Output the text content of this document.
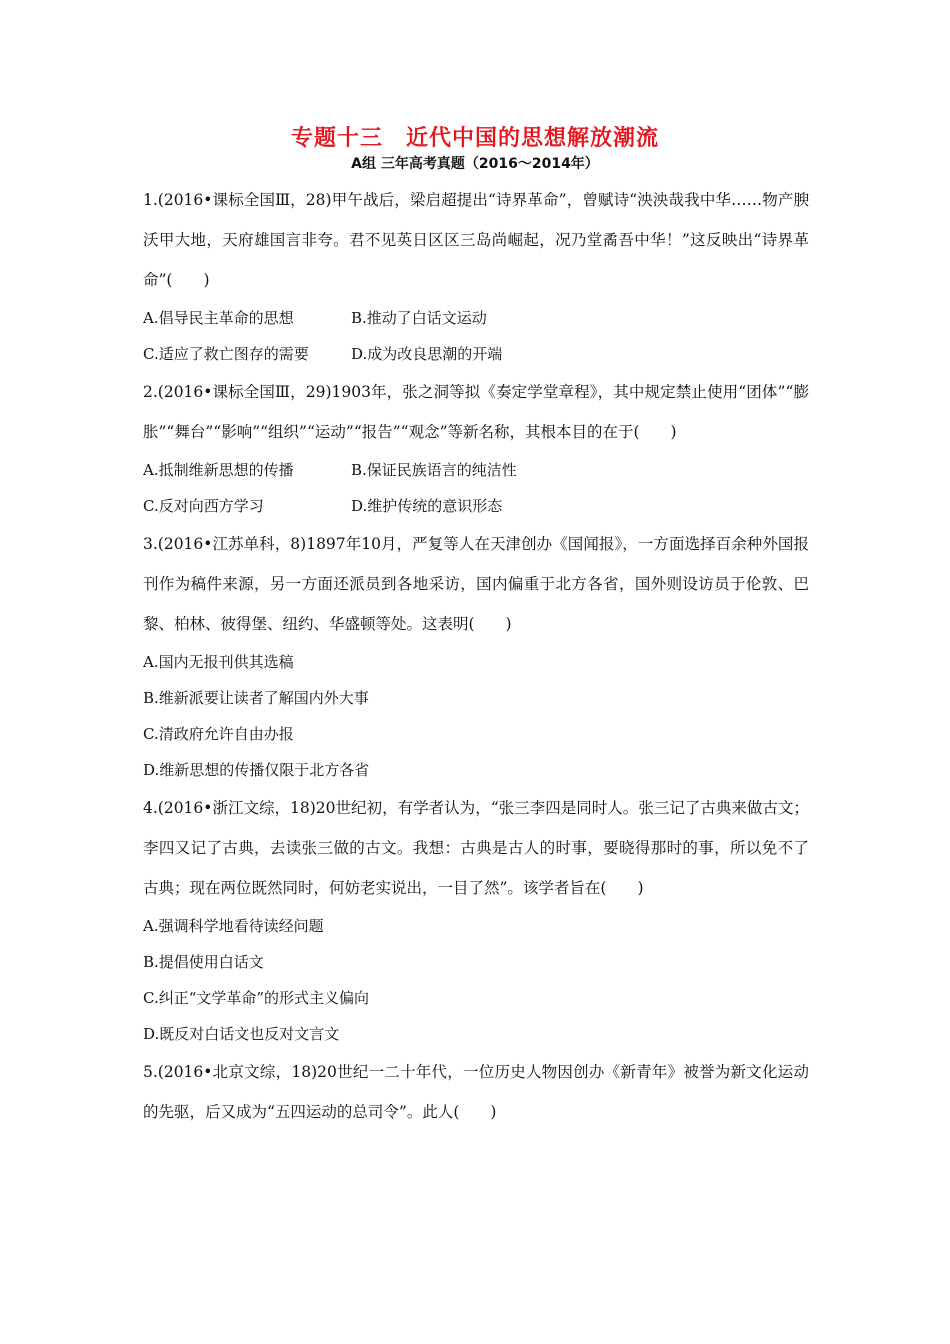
专题十三　近代中国的思想解放潮流
A组 三年高考真题（2016～2014年）

1.(2016•课标全国Ⅲ，28)甲午战后，梁启超提出“诗界革命”，曾赋诗“泱泱哉我中华……物产腴沃甲大地，天府雄国言非夸。君不见英日区区三岛尚崛起，况乃堂矞吾中华！”这反映出“诗界革命”(　　)

A.倡导民主革命的思想	B.推动了白话文运动
C.适应了救亡图存的需要	D.成为改良思潮的开端

2.(2016•课标全国Ⅲ，29)1903年，张之洞等拟《奏定学堂章程》，其中规定禁止使用“团体”“膨胀”“舞台”“影响”“组织”“运动”“报告”“观念”等新名称，其根本目的在于(　　)

A.抵制维新思想的传播	B.保证民族语言的纯洁性
C.反对向西方学习	D.维护传统的意识形态

3.(2016•江苏单科，8)1897年10月，严复等人在天津创办《国闻报》，一方面选择百余种外国报刊作为稿件来源，另一方面还派员到各地采访，国内偏重于北方各省，国外则设访员于伦敦、巴黎、柏林、彼得堡、纽约、华盛顿等处。这表明(　　)

A.国内无报刊供其选稿
B.维新派要让读者了解国内外大事
C.清政府允许自由办报
D.维新思想的传播仅限于北方各省

4.(2016•浙江文综，18)20世纪初，有学者认为，“张三李四是同时人。张三记了古典来做古文；李四又记了古典，去读张三做的古文。我想：古典是古人的时事，要晓得那时的事，所以免不了古典；现在两位既然同时，何妨老实说出，一目了然”。该学者旨在(　　)

A.强调科学地看待读经问题
B.提倡使用白话文
C.纠正“文学革命”的形式主义偏向
D.既反对白话文也反对文言文

5.(2016•北京文综，18)20世纪一二十年代，一位历史人物因创办《新青年》被誉为新文化运动的先驱，后又成为“五四运动的总司令”。此人(　　)
